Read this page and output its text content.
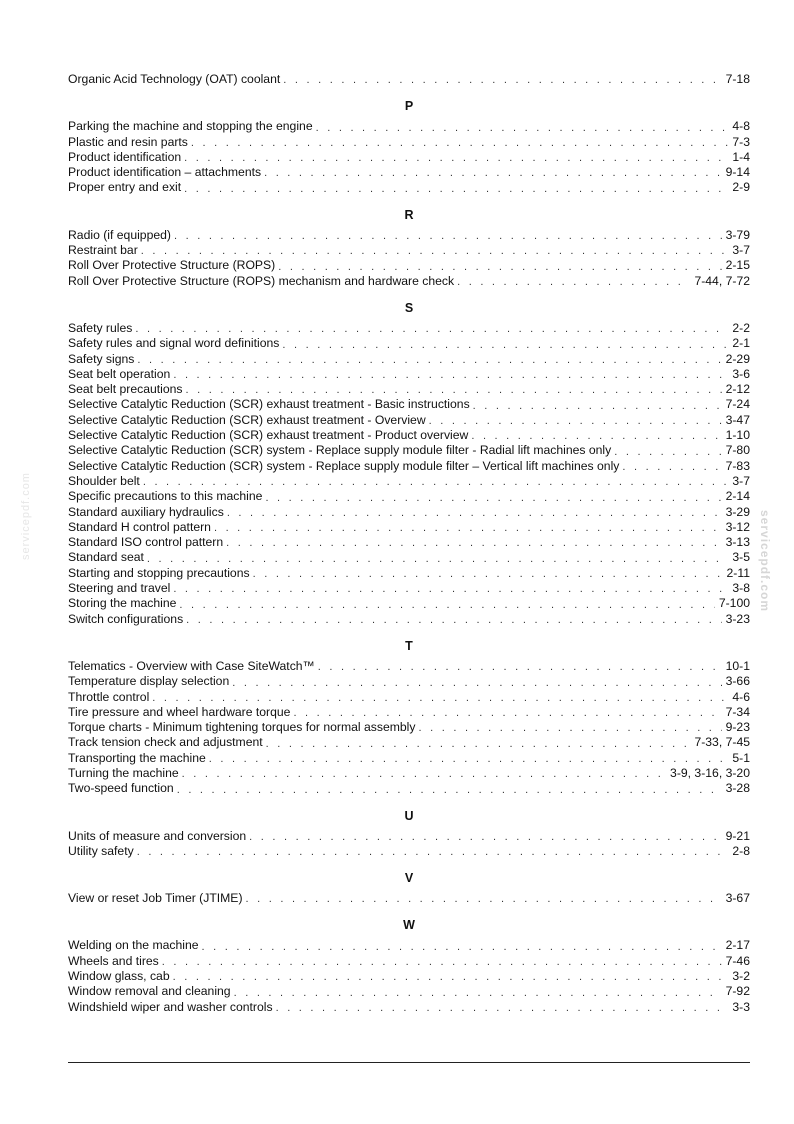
servicepdf.com	servicepdf.com
Organic Acid Technology (OAT) coolant . . .	7-18
P
Parking the machine and stopping the engine . . .	4-8
Plastic and resin parts . . .	7-3
Product identification . . .	1-4
Product identification – attachments . . .	9-14
Proper entry and exit . . .	2-9
R
Radio (if equipped) . . .	3-79
Restraint bar . . .	3-7
Roll Over Protective Structure (ROPS) . . .	2-15
Roll Over Protective Structure (ROPS) mechanism and hardware check . . .	7-44, 7-72
S
Safety rules . . .	2-2
Safety rules and signal word definitions . . .	2-1
Safety signs . . .	2-29
Seat belt operation . . .	3-6
Seat belt precautions . . .	2-12
Selective Catalytic Reduction (SCR) exhaust treatment - Basic instructions . . .	7-24
Selective Catalytic Reduction (SCR) exhaust treatment - Overview . . .	3-47
Selective Catalytic Reduction (SCR) exhaust treatment - Product overview . . .	1-10
Selective Catalytic Reduction (SCR) system - Replace supply module filter - Radial lift machines only . . .	7-80
Selective Catalytic Reduction (SCR) system - Replace supply module filter – Vertical lift machines only . . .	7-83
Shoulder belt . . .	3-7
Specific precautions to this machine . . .	2-14
Standard auxiliary hydraulics . . .	3-29
Standard H control pattern . . .	3-12
Standard ISO control pattern . . .	3-13
Standard seat . . .	3-5
Starting and stopping precautions . . .	2-11
Steering and travel . . .	3-8
Storing the machine . . .	7-100
Switch configurations . . .	3-23
T
Telematics - Overview with Case SiteWatch™ . . .	10-1
Temperature display selection . . .	3-66
Throttle control . . .	4-6
Tire pressure and wheel hardware torque . . .	7-34
Torque charts - Minimum tightening torques for normal assembly . . .	9-23
Track tension check and adjustment . . .	7-33, 7-45
Transporting the machine . . .	5-1
Turning the machine . . .	3-9, 3-16, 3-20
Two-speed function . . .	3-28
U
Units of measure and conversion . . .	9-21
Utility safety . . .	2-8
V
View or reset Job Timer (JTIME) . . .	3-67
W
Welding on the machine . . .	2-17
Wheels and tires . . .	7-46
Window glass, cab . . .	3-2
Window removal and cleaning . . .	7-92
Windshield wiper and washer controls . . .	3-3
